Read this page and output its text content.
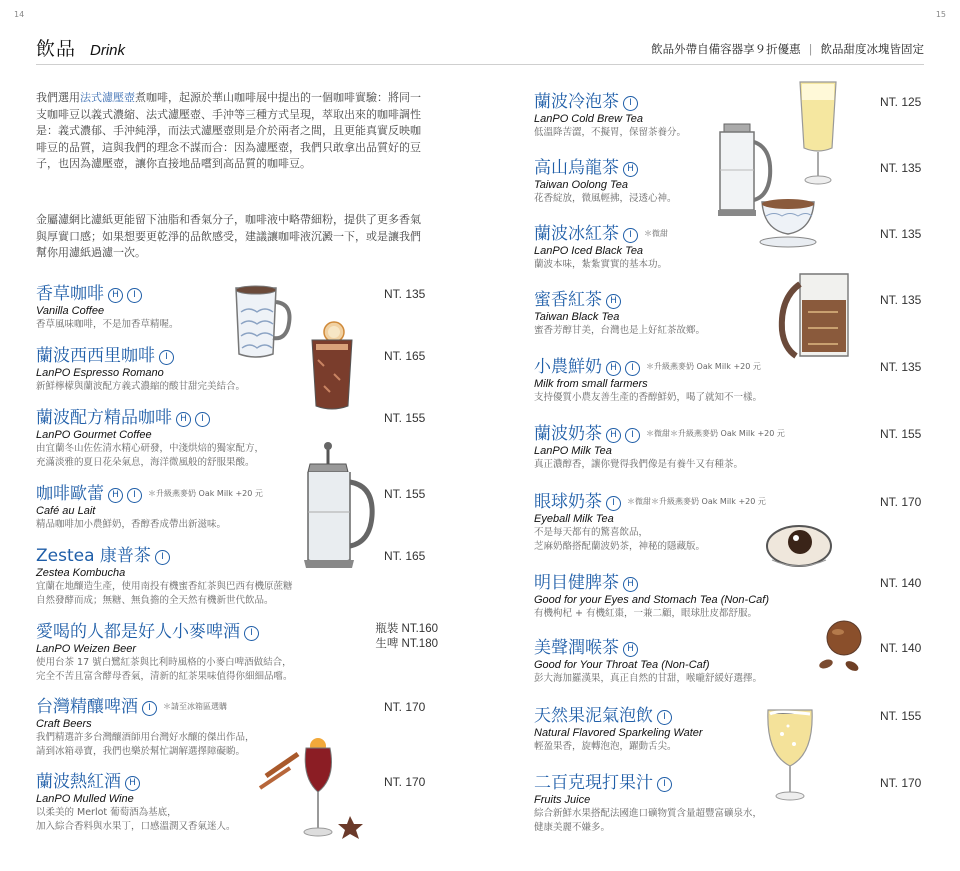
14	15
飲品 Drink	飲品外帶自備容器享９折優惠 | 飲品甜度冰塊皆固定

我們選用法式濾壓壺煮咖啡，起源於華山咖啡展中提出的一個咖啡實驗：將同一支咖啡豆以義式濃縮、法式濾壓壺、手沖等三種方式呈現，萃取出來的咖啡調性是：義式濃郁、手沖純淨，而法式濾壓壺則是介於兩者之間，且更能真實反映咖啡豆的品質，這與我們的理念不謀而合：因為濾壓壺，我們只敢拿出品質好的豆子，也因為濾壓壺，讓你直接地品嚐到高品質的咖啡豆。

金屬濾網比濾紙更能留下油脂和香氣分子，咖啡液中略帶細粉，提供了更多香氣與厚實口感；如果想要更乾淨的品飲感受，建議讓咖啡液沉澱一下，或是讓我們幫你用濾紙過濾一次。

香草咖啡 H I
Vanilla Coffee
香草風味咖啡，不是加香草精喔。
NT. 135
蘭波西西里咖啡 I
LanPO Espresso Romano
新鮮檸檬與蘭波配方義式濃縮的酸甘甜完美結合。
NT. 165
蘭波配方精品咖啡 H I
LanPO Gourmet Coffee
由宜蘭冬山佐佐清水精心研發，中淺烘焙的獨家配方，
充滿淡雅的夏日花朵氣息，海洋微風般的舒服果酸。
NT. 155
咖啡歐蕾 H I ＊升級燕麥奶 Oak Milk +20 元
Café au Lait
精品咖啡加小農鮮奶，香醇香成帶出新滋味。
NT. 155
Zestea 康普茶 I
Zestea Kombucha
宜蘭在地釀造生產，使用南投有機蜜香紅茶與巴西有機原蔗糖
自然發酵而成；無糖、無負擔的全天然有機新世代飲品。
NT. 165
愛喝的人都是好人小麥啤酒 I
LanPO Weizen Beer
使用台茶 17 號白鷺紅茶與比利時風格的小麥白啤酒做結合，
完全不苦且富含酵母香氣，清新的紅茶果味值得你細細品嚐。
瓶裝 NT.160
生啤 NT.180
台灣精釀啤酒 I ＊請至冰箱區選購
Craft Beers
我們精選許多台灣釀酒師用台灣好水釀的傑出作品，
請到冰箱尋寶，我們也樂於幫忙調解選擇障礙喲。
NT. 170
蘭波熱紅酒 H
LanPO Mulled Wine
以柔美的 Merlot 葡萄酒為基底，
加入綜合香料與水果丁，口感溫潤又香氣迷人。
NT. 170
蘭波冷泡茶 I
LanPO Cold Brew Tea
低溫降苦澀，不擬胃，保留茶養分。
NT. 125
高山烏龍茶 H
Taiwan Oolong Tea
花香綻放，微風輕拂，浸透心神。
NT. 135
蘭波冰紅茶 I ＊微甜
LanPO Iced Black Tea
蘭波本味，紮紮實實的基本功。
NT. 135
蜜香紅茶 H
Taiwan Black Tea
蜜香芳醇甘美，台灣也是上好紅茶故鄉。
NT. 135
小農鮮奶 H I ＊升級燕麥奶 Oak Milk +20 元
Milk from small farmers
支持優質小農友善生產的香醇鮮奶，喝了就知不一樣。
NT. 135
蘭波奶茶 H I ＊微甜＊升級燕麥奶 Oak Milk +20 元
LanPO Milk Tea
真正濃醇香，讓你覺得我們像是有養牛又有種茶。
NT. 155
眼球奶茶 I ＊微甜＊升級燕麥奶 Oak Milk +20 元
Eyeball Milk Tea
不是每天都有的驚喜飲品，
芝麻奶酪搭配蘭波奶茶，神秘的隱藏版。
NT. 170
明目健脾茶 H
Good for your Eyes and Stomach Tea (Non-Caf)
有機枸杞 + 有機紅棗，一兼二顧，眼球肚皮都舒服。
NT. 140
美聲潤喉茶 H
Good for Your Throat Tea (Non-Caf)
彭大海加羅漢果，真正自然的甘甜，喉嚨舒緩好選擇。
NT. 140
天然果泥氣泡飲 I
Natural Flavored Sparkeling Water
輕盈果香，旋轉泡泡，躍動舌尖。
NT. 155
二百克現打果汁 I
Fruits Juice
綜合新鮮水果搭配法國進口礦物質含量超豐富礦泉水，
健康美麗不嫌多。
NT. 170
